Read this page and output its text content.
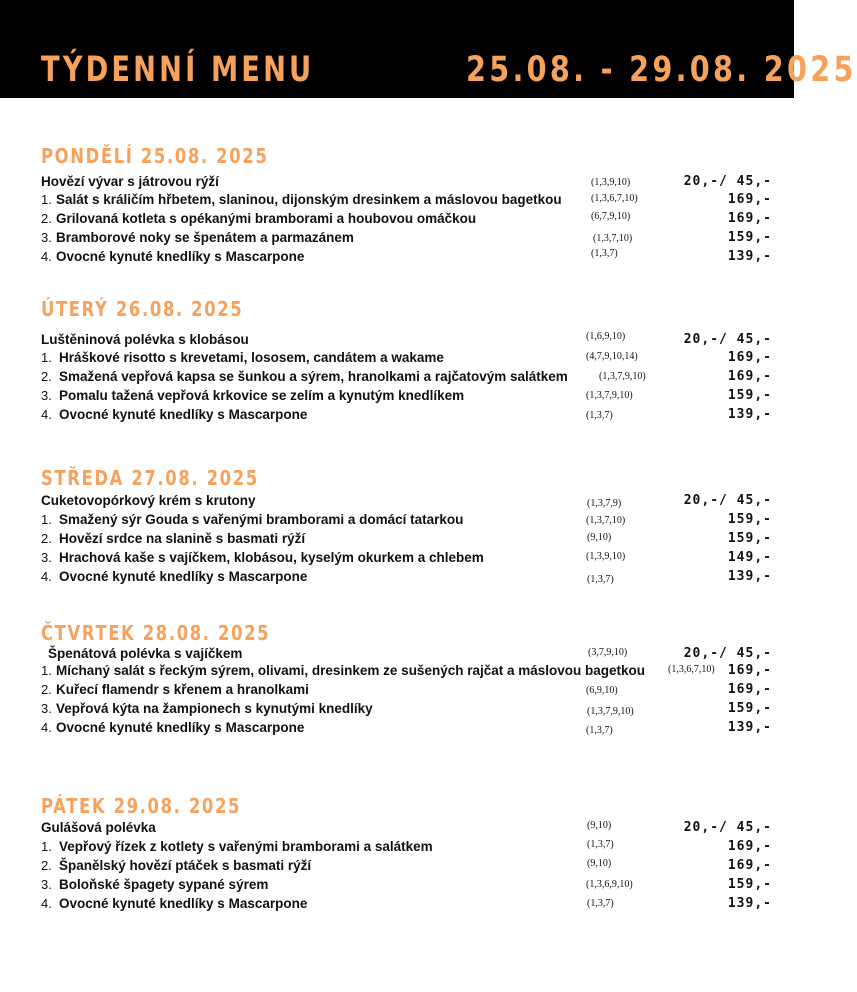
TÝDENNÍ MENU	25.08. - 29.08. 2025
PONDĚLÍ 25.08. 2025
Hovězí vývar s játrovou rýží	(1,3,9,10)	20,-/ 45,-
1. Salát s králičím hřbetem, slaninou, dijonským dresinkem a máslovou bagetkou	(1,3,6,7,10)	169,-
2. Grilovaná kotleta s opékanými bramborami a houbovou omáčkou	(6,7,9,10)	169,-
3. Bramborové noky se špenátem a parmazánem	(1,3,7,10)	159,-
4. Ovocné kynuté knedlíky s Mascarpone	(1,3,7)	139,-
ÚTERÝ 26.08. 2025
Luštěninová polévka s klobásou	(1,6,9,10)	20,-/ 45,-
1. Hráškové risotto s krevetami, lososem, candátem a wakame	(4,7,9,10,14)	169,-
2. Smažená vepřová kapsa se šunkou a sýrem, hranolkami a rajčatovým salátkem	(1,3,7,9,10)	169,-
3. Pomalu tažená vepřová krkovice se zelím a kynutým knedlíkem	(1,3,7,9,10)	159,-
4. Ovocné kynuté knedlíky s Mascarpone	(1,3,7)	139,-
STŘEDA 27.08. 2025
Cuketovopórkový krém s krutony	(1,3,7,9)	20,-/ 45,-
1. Smažený sýr Gouda s vařenými bramborami a domácí tatarkou	(1,3,7,10)	159,-
2. Hovězí srdce na slanině s basmati rýží	(9,10)	159,-
3. Hrachová kaše s vajíčkem, klobásou, kyselým okurkem a chlebem	(1,3,9,10)	149,-
4. Ovocné kynuté knedlíky s Mascarpone	(1,3,7)	139,-
ČTVRTEK 28.08. 2025
Špenátová polévka s vajíčkem	(3,7,9,10)	20,-/ 45,-
1. Míchaný salát s řeckým sýrem, olivami, dresinkem ze sušených rajčat a máslovou bagetkou (1,3,6,7,10) 169,-
2. Kuřecí flamendr s křenem a hranolkami	(6,9,10)	169,-
3. Vepřová kýta na žampionech s kynutými knedlíky	(1,3,7,9,10)	159,-
4. Ovocné kynuté knedlíky s Mascarpone	(1,3,7)	139,-
PÁTEK 29.08. 2025
Gulášová polévka	(9,10)	20,-/ 45,-
1. Vepřový řízek z kotlety s vařenými bramborami a salátkem	(1,3,7)	169,-
2. Španělský hovězí ptáček s basmati rýží	(9,10)	169,-
3. Boloňské špagety sypané sýrem	(1,3,6,9,10)	159,-
4. Ovocné kynuté knedlíky s Mascarpone	(1,3,7)	139,-
